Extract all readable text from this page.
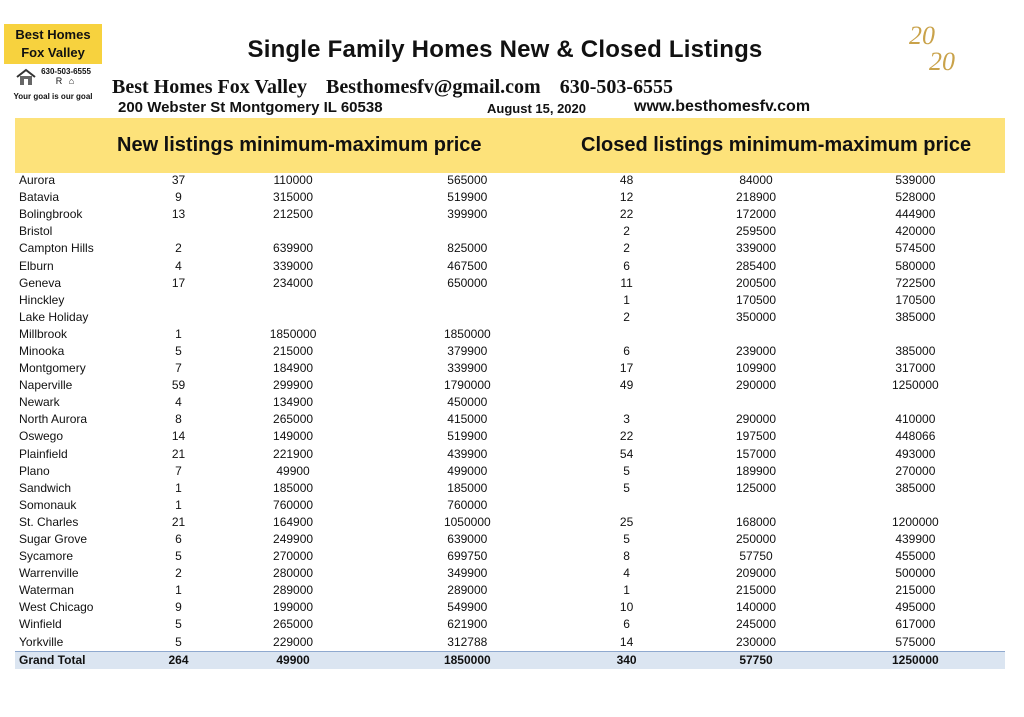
Best Homes
Fox Valley
630-503-6555
R ⌂
Your goal is our goal
Single Family Homes New & Closed Listings
Best Homes Fox Valley Besthomesfv@gmail.com 630-503-6555
200 Webster St Montgomery IL 60538	August 15, 2020	www.besthomesfv.com
20
20
New listings minimum-maximum price	Closed listings minimum-maximum price
Aurora	37	110000	565000	48	84000	539000
Batavia	9	315000	519900	12	218900	528000
Bolingbrook	13	212500	399900	22	172000	444900
Bristol				2	259500	420000
Campton Hills	2	639900	825000	2	339000	574500
Elburn	4	339000	467500	6	285400	580000
Geneva	17	234000	650000	11	200500	722500
Hinckley				1	170500	170500
Lake Holiday				2	350000	385000
Millbrook	1	1850000	1850000			
Minooka	5	215000	379900	6	239000	385000
Montgomery	7	184900	339900	17	109900	317000
Naperville	59	299900	1790000	49	290000	1250000
Newark	4	134900	450000			
North Aurora	8	265000	415000	3	290000	410000
Oswego	14	149000	519900	22	197500	448066
Plainfield	21	221900	439900	54	157000	493000
Plano	7	49900	499000	5	189900	270000
Sandwich	1	185000	185000	5	125000	385000
Somonauk	1	760000	760000			
St. Charles	21	164900	1050000	25	168000	1200000
Sugar Grove	6	249900	639000	5	250000	439900
Sycamore	5	270000	699750	8	57750	455000
Warrenville	2	280000	349900	4	209000	500000
Waterman	1	289000	289000	1	215000	215000
West Chicago	9	199000	549900	10	140000	495000
Winfield	5	265000	621900	6	245000	617000
Yorkville	5	229000	312788	14	230000	575000
Grand Total	264	49900	1850000	340	57750	1250000
